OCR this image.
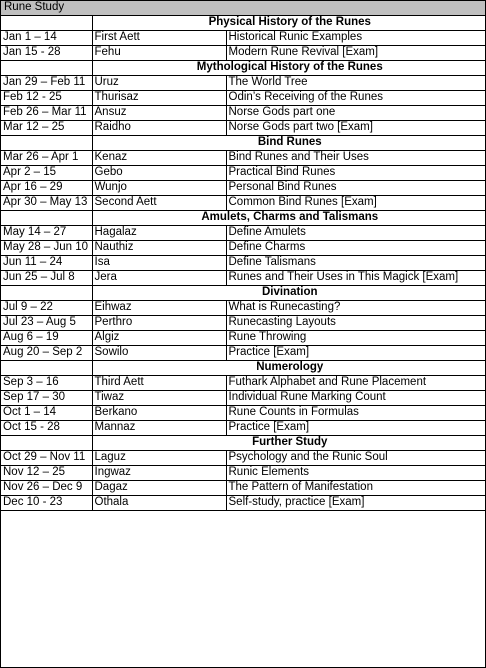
Rune Study		
	Physical History of the Runes	
Jan 1 – 14	First Aett	Historical Runic Examples
Jan 15 - 28	Fehu	Modern Rune Revival [Exam]
	Mythological History of the Runes	
Jan 29 – Feb 11	Uruz	The World Tree
Feb 12 - 25	Thurisaz	Odin’s Receiving of the Runes
Feb 26 – Mar 11	Ansuz	Norse Gods part one
Mar 12 – 25	Raidho	Norse Gods part two [Exam]
	Bind Runes	
Mar 26 – Apr 1	Kenaz	Bind Runes and Their Uses
Apr 2 – 15	Gebo	Practical Bind Runes
Apr 16 – 29	Wunjo	Personal Bind Runes
Apr 30 – May 13	Second Aett	Common Bind Runes [Exam]
	Amulets, Charms and Talismans	
May 14 – 27	Hagalaz	Define Amulets
May 28 – Jun 10	Nauthiz	Define Charms
Jun 11 – 24	Isa	Define Talismans
Jun 25 – Jul 8	Jera	Runes and Their Uses in This Magick [Exam]
	Divination	
Jul 9 – 22	Eihwaz	What is Runecasting?
Jul 23 – Aug 5	Perthro	Runecasting Layouts
Aug 6 – 19	Algiz	Rune Throwing
Aug 20 – Sep 2	Sowilo	Practice [Exam]
	Numerology	
Sep 3 – 16	Third Aett	Futhark Alphabet and Rune Placement
Sep 17 – 30	Tiwaz	Individual Rune Marking Count
Oct 1 – 14	Berkano	Rune Counts in Formulas
Oct 15 - 28	Mannaz	Practice [Exam]
	Further Study	
Oct 29 – Nov 11	Laguz	Psychology and the Runic Soul
Nov 12 – 25	Ingwaz	Runic Elements
Nov 26 – Dec 9	Dagaz	The Pattern of Manifestation
Dec 10 - 23	Othala	Self-study, practice [Exam]
